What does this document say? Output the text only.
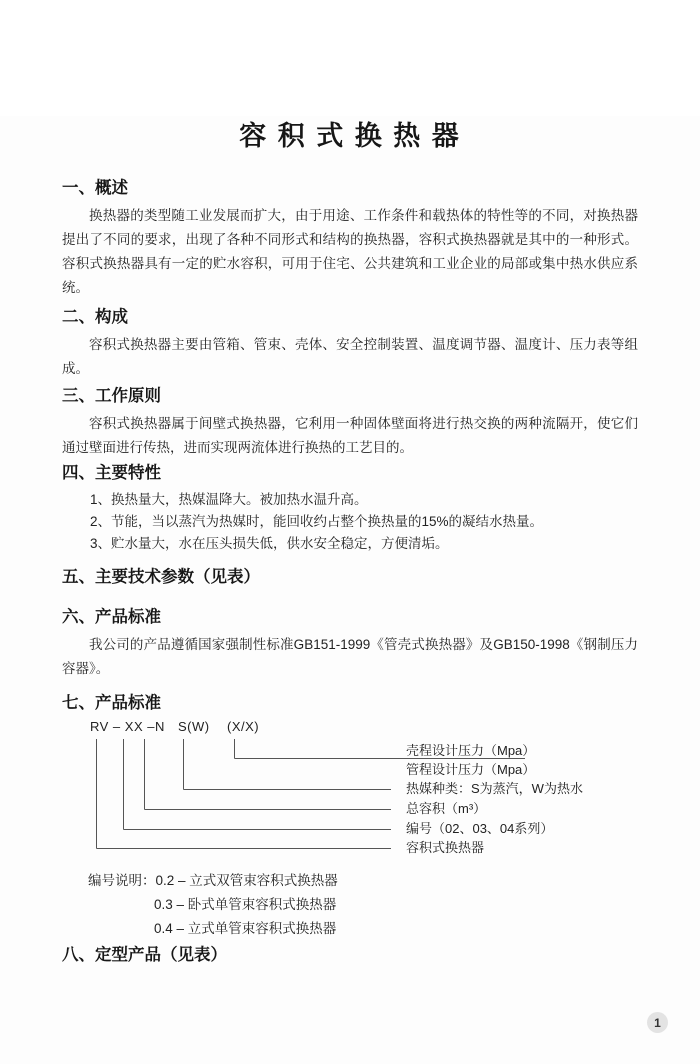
容 积 式 换 热 器
一、概述

换热器的类型随工业发展而扩大，由于用途、工作条件和载热体的特性等的不同，对换热器提出了不同的要求，出现了各种不同形式和结构的换热器，容积式换热器就是其中的一种形式。容积式换热器具有一定的贮水容积，可用于住宅、公共建筑和工业企业的局部或集中热水供应系统。

二、构成

容积式换热器主要由管箱、管束、壳体、安全控制装置、温度调节器、温度计、压力表等组成。

三、工作原则

容积式换热器属于间壁式换热器，它利用一种固体壁面将进行热交换的两种流隔开，使它们通过壁面进行传热，进而实现两流体进行换热的工艺目的。

四、主要特性

1、换热量大，热媒温降大。被加热水温升高。

2、节能，当以蒸汽为热媒时，能回收约占整个换热量的15%的凝结水热量。

3、贮水量大，水在压头损失低，供水安全稳定，方便清垢。

五、主要技术参数（见表）
六、产品标准

我公司的产品遵循国家强制性标准GB151-1999《管壳式换热器》及GB150-1998《钢制压力容器》。

七、产品标准
RV – XX –N S(W) (X/X)
壳程设计压力（Mpa）
管程设计压力（Mpa）
热媒种类：S为蒸汽，W为热水
总容积（m³）
编号（02、03、04系列）
容积式换热器
编号说明：0.2 – 立式双管束容积式换热器
0.3 – 卧式单管束容积式换热器
0.4 – 立式单管束容积式换热器
八、定型产品（见表）
1
